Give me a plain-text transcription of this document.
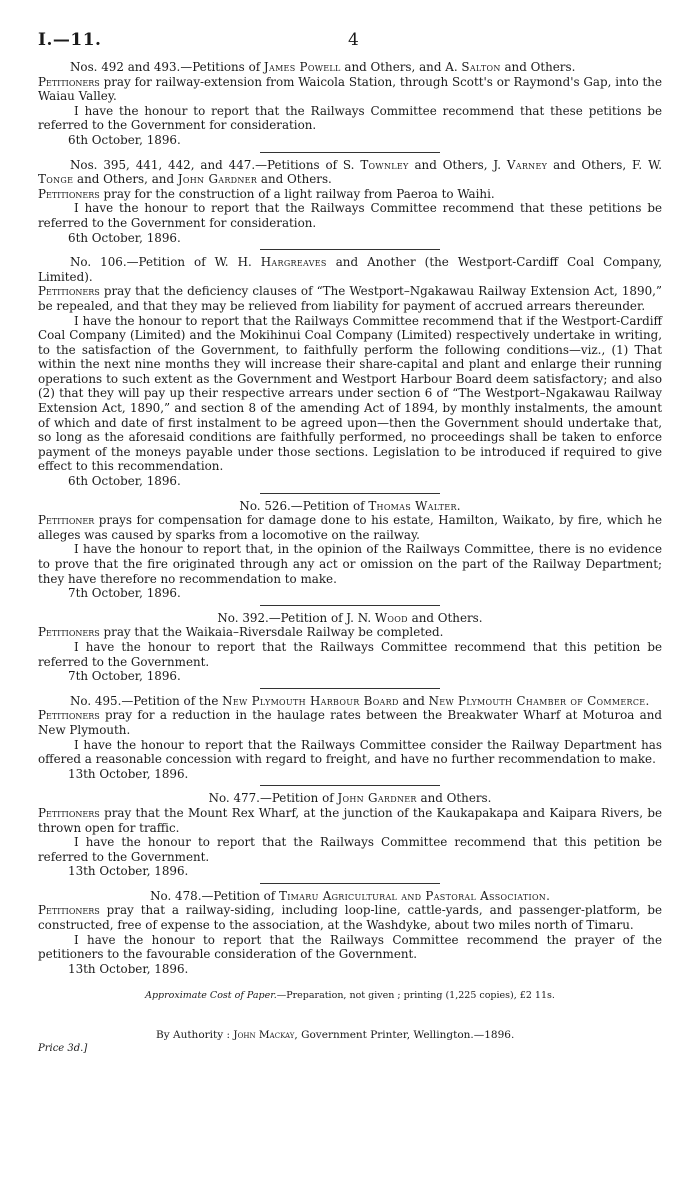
I.—11.	4
Nos. 492 and 493.—Petitions of James Powell and Others, and A. Salton and Others.
Petitioners pray for railway-extension from Waicola Station, through Scott's or Raymond's Gap, into the Waiau Valley.
I have the honour to report that the Railways Committee recommend that these petitions be referred to the Government for consideration.
6th October, 1896.
Nos. 395, 441, 442, and 447.—Petitions of S. Townley and Others, J. Varney and Others, F. W. Tonge and Others, and John Gardner and Others.
Petitioners pray for the construction of a light railway from Paeroa to Waihi.
I have the honour to report that the Railways Committee recommend that these petitions be referred to the Government for consideration.
6th October, 1896.
No. 106.—Petition of W. H. Hargreaves and Another (the Westport-Cardiff Coal Company, Limited).
Petitioners pray that the deficiency clauses of “The Westport–Ngakawau Railway Extension Act, 1890,” be repealed, and that they may be relieved from liability for payment of accrued arrears thereunder.
I have the honour to report that the Railways Committee recommend that if the Westport-Cardiff Coal Company (Limited) and the Mokihinui Coal Company (Limited) respectively undertake in writing, to the satisfaction of the Government, to faithfully perform the following conditions—viz., (1) That within the next nine months they will increase their share-capital and plant and enlarge their running operations to such extent as the Government and Westport Harbour Board deem satisfactory; and also (2) that they will pay up their respective arrears under section 6 of “The Westport–Ngakawau Railway Extension Act, 1890,” and section 8 of the amending Act of 1894, by monthly instalments, the amount of which and date of first instalment to be agreed upon—then the Government should undertake that, so long as the aforesaid conditions are faithfully performed, no proceedings shall be taken to enforce payment of the moneys payable under those sections. Legislation to be introduced if required to give effect to this recommendation.
6th October, 1896.
No. 526.—Petition of Thomas Walter.
Petitioner prays for compensation for damage done to his estate, Hamilton, Waikato, by fire, which he alleges was caused by sparks from a locomotive on the railway.
I have the honour to report that, in the opinion of the Railways Committee, there is no evidence to prove that the fire originated through any act or omission on the part of the Railway Department; they have therefore no recommendation to make.
7th October, 1896.
No. 392.—Petition of J. N. Wood and Others.
Petitioners pray that the Waikaia–Riversdale Railway be completed.
I have the honour to report that the Railways Committee recommend that this petition be referred to the Government.
7th October, 1896.
No. 495.—Petition of the New Plymouth Harbour Board and New Plymouth Chamber of Commerce.
Petitioners pray for a reduction in the haulage rates between the Breakwater Wharf at Moturoa and New Plymouth.
I have the honour to report that the Railways Committee consider the Railway Department has offered a reasonable concession with regard to freight, and have no further recommendation to make.
13th October, 1896.
No. 477.—Petition of John Gardner and Others.
Petitioners pray that the Mount Rex Wharf, at the junction of the Kaukapakapa and Kaipara Rivers, be thrown open for traffic.
I have the honour to report that the Railways Committee recommend that this petition be referred to the Government.
13th October, 1896.
No. 478.—Petition of Timaru Agricultural and Pastoral Association.
Petitioners pray that a railway-siding, including loop-line, cattle-yards, and passenger-platform, be constructed, free of expense to the association, at the Washdyke, about two miles north of Timaru.
I have the honour to report that the Railways Committee recommend the prayer of the petitioners to the favourable consideration of the Government.
13th October, 1896.
Approximate Cost of Paper.—Preparation, not given ; printing (1,225 copies), £2 11s.
Price 3d.]
By Authority : John Mackay, Government Printer, Wellington.—1896.
